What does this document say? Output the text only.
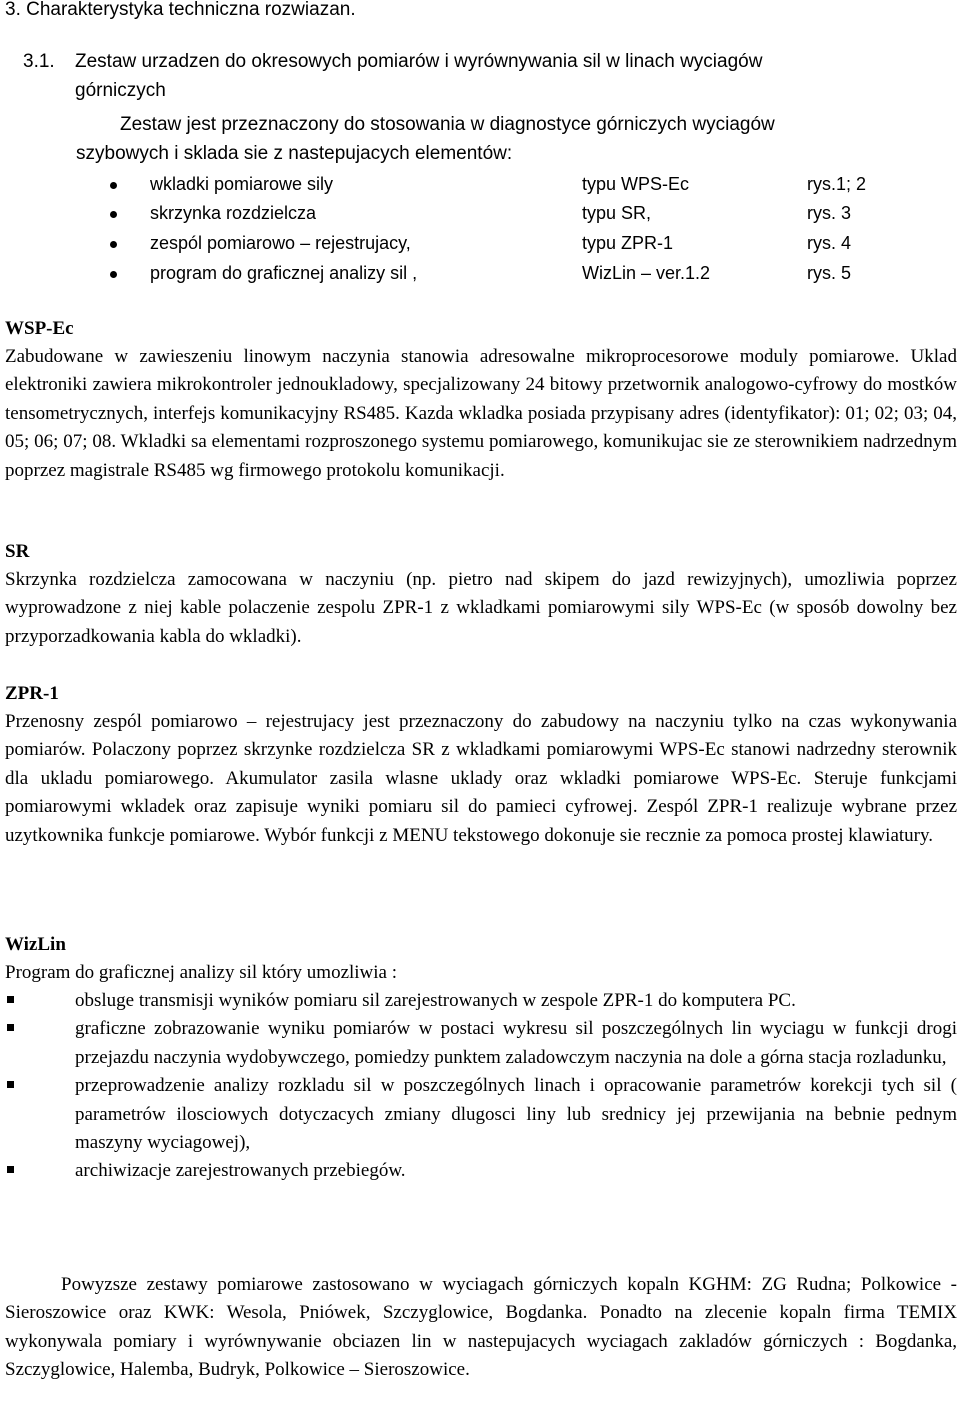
3. Charakterystyka techniczna rozwiazan.
3.1. Zestaw urzadzen do okresowych pomiarów i wyrównywania sil w linach wyciagów
górniczych
Zestaw jest przeznaczony do stosowania w diagnostyce górniczych wyciagów
szybowych i sklada sie z nastepujacych elementów:
wkladki pomiarowe sily	typu WPS-Ec	rys.1; 2
skrzynka rozdzielcza	typu SR,	rys. 3
zespól pomiarowo – rejestrujacy,	typu ZPR-1	rys. 4
program do graficznej analizy sil ,	WizLin – ver.1.2	rys. 5
WSP-Ec

Zabudowane w zawieszeniu linowym naczynia stanowia adresowalne mikroprocesorowe moduly pomiarowe. Uklad elektroniki zawiera mikrokontroler jednoukladowy, specjalizowany 24 bitowy przetwornik analogowo-cyfrowy do mostków tensometrycznych, interfejs komunikacyjny RS485. Kazda wkladka posiada przypisany adres (identyfikator): 01; 02; 03; 04, 05; 06; 07; 08. Wkladki sa elementami rozproszonego systemu pomiarowego, komunikujac sie ze sterownikiem nadrzednym poprzez magistrale RS485 wg firmowego protokolu komunikacji.

SR

Skrzynka rozdzielcza zamocowana w naczyniu (np. pietro nad skipem do jazd rewizyjnych), umozliwia poprzez wyprowadzone z niej kable polaczenie zespolu ZPR-1 z wkladkami pomiarowymi sily WPS-Ec (w sposób dowolny bez przyporzadkowania kabla do wkladki).

ZPR-1

Przenosny zespól pomiarowo – rejestrujacy jest przeznaczony do zabudowy na naczyniu tylko na czas wykonywania pomiarów. Polaczony poprzez skrzynke rozdzielcza SR z wkladkami pomiarowymi WPS-Ec stanowi nadrzedny sterownik dla ukladu pomiarowego. Akumulator zasila wlasne uklady oraz wkladki pomiarowe WPS-Ec. Steruje funkcjami pomiarowymi wkladek oraz zapisuje wyniki pomiaru sil do pamieci cyfrowej. Zespól ZPR-1 realizuje wybrane przez uzytkownika funkcje pomiarowe. Wybór funkcji z MENU tekstowego dokonuje sie recznie za pomoca prostej klawiatury.

WizLin

Program do graficznej analizy sil który umozliwia :

obsluge transmisji wyników pomiaru sil zarejestrowanych w zespole ZPR-1 do komputera PC.
graficzne zobrazowanie wyniku pomiarów w postaci wykresu sil poszczególnych lin wyciagu w funkcji drogi przejazdu naczynia wydobywczego, pomiedzy punktem zaladowczym naczynia na dole a górna stacja rozladunku,
przeprowadzenie analizy rozkladu sil w poszczególnych linach i opracowanie parametrów korekcji tych sil ( parametrów ilosciowych dotyczacych zmiany dlugosci liny lub srednicy jej przewijania na bebnie pednym maszyny wyciagowej),
archiwizacje zarejestrowanych przebiegów.

Powyzsze zestawy pomiarowe zastosowano w wyciagach górniczych kopaln KGHM: ZG Rudna; Polkowice - Sieroszowice oraz KWK: Wesola, Pniówek, Szczyglowice, Bogdanka. Ponadto na zlecenie kopaln firma TEMIX wykonywala pomiary i wyrównywanie obciazen lin w nastepujacych wyciagach zakladów górniczych : Bogdanka, Szczyglowice, Halemba, Budryk, Polkowice – Sieroszowice.
